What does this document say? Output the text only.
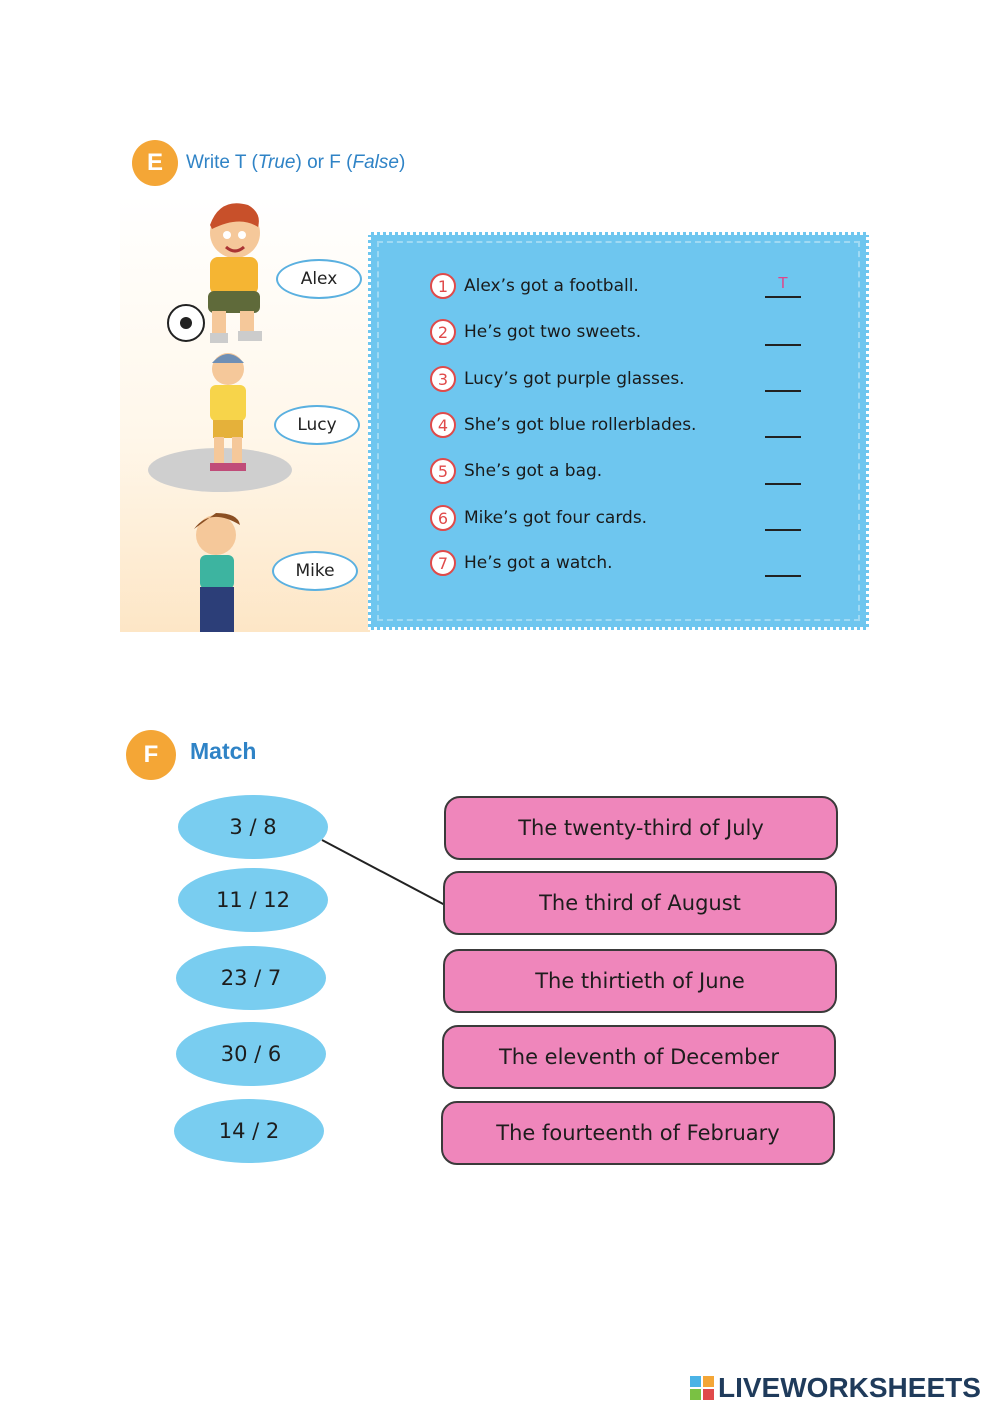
E	Write T (True) or F (False)
Alex
Lucy
Mike
1 Alex’s got a football.	T
2 He’s got two sweets.
3 Lucy’s got purple glasses.
4 She’s got blue rollerblades.
5 She’s got a bag.
6 Mike’s got four cards.
7 He’s got a watch.
F	Match
3 / 8
11 / 12
23 / 7
30 / 6
14 / 2
The twenty-third of July
The third of August
The thirtieth of June
The eleventh of December
The fourteenth of February
LIVEWORKSHEETS
